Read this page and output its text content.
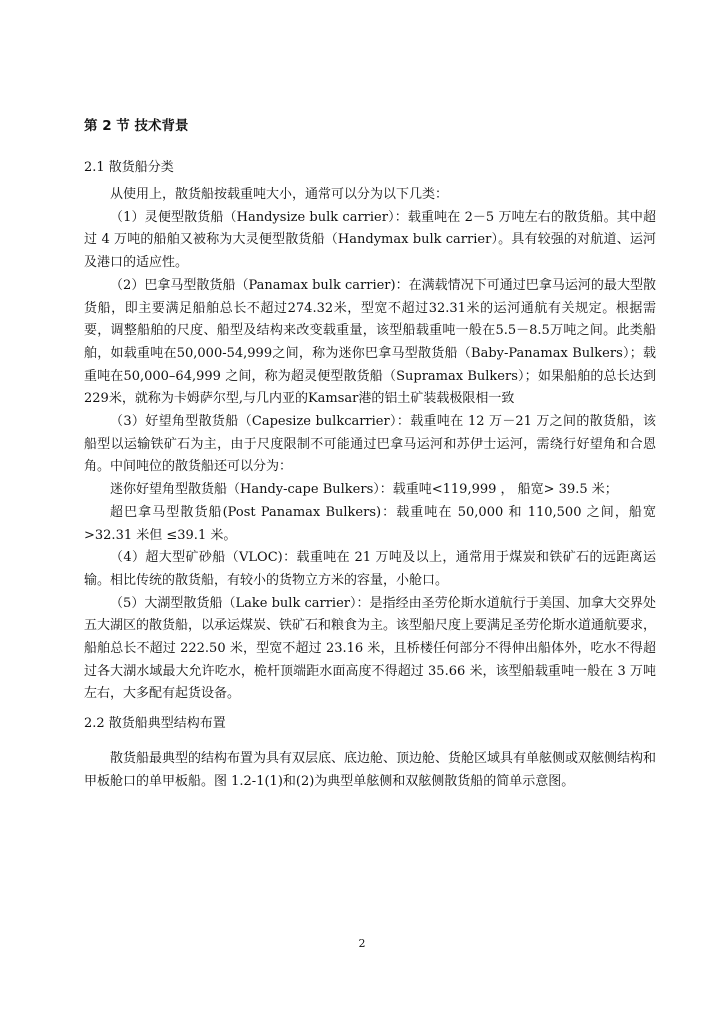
第 2 节 技术背景
2.1 散货船分类

从使用上，散货船按载重吨大小，通常可以分为以下几类：

（1）灵便型散货船（Handysize bulk carrier）：载重吨在 2－5 万吨左右的散货船。其中超过 4 万吨的船舶又被称为大灵便型散货船（Handymax bulk carrier）。具有较强的对航道、运河及港口的适应性。

（2）巴拿马型散货船（Panamax bulk carrier)：在满载情况下可通过巴拿马运河的最大型散货船，即主要满足船舶总长不超过274.32米，型宽不超过32.31米的运河通航有关规定。根据需要，调整船舶的尺度、船型及结构来改变载重量，该型船载重吨一般在5.5－8.5万吨之间。此类船舶，如载重吨在50,000-54,999之间，称为迷你巴拿马型散货船（Baby-Panamax Bulkers）；载重吨在50,000–64,999 之间，称为超灵便型散货船（Supramax Bulkers）；如果船舶的总长达到229米，就称为卡姆萨尔型,与几内亚的Kamsar港的铝土矿装载极限相一致

（3）好望角型散货船（Capesize bulkcarrier）：载重吨在 12 万－21 万之间的散货船，该船型以运输铁矿石为主，由于尺度限制不可能通过巴拿马运河和苏伊士运河，需绕行好望角和合恩角。中间吨位的散货船还可以分为：

迷你好望角型散货船（Handy-cape Bulkers）：载重吨<119,999 ， 船宽> 39.5 米；

超巴拿马型散货船(Post Panamax Bulkers)：载重吨在 50,000 和 110,500 之间，船宽>32.31 米但 ≤39.1 米。

（4）超大型矿砂船（VLOC)：载重吨在 21 万吨及以上，通常用于煤炭和铁矿石的远距离运输。相比传统的散货船，有较小的货物立方米的容量，小舱口。

（5）大湖型散货船（Lake bulk carrier）：是指经由圣劳伦斯水道航行于美国、加拿大交界处五大湖区的散货船，以承运煤炭、铁矿石和粮食为主。该型船尺度上要满足圣劳伦斯水道通航要求，船舶总长不超过 222.50 米，型宽不超过 23.16 米，且桥楼任何部分不得伸出船体外，吃水不得超过各大湖水域最大允许吃水，桅杆顶端距水面高度不得超过 35.66 米，该型船载重吨一般在 3 万吨左右，大多配有起货设备。

2.2 散货船典型结构布置

散货船最典型的结构布置为具有双层底、底边舱、顶边舱、货舱区域具有单舷侧或双舷侧结构和甲板舱口的单甲板船。图 1.2-1(1)和(2)为典型单舷侧和双舷侧散货船的简单示意图。

2
